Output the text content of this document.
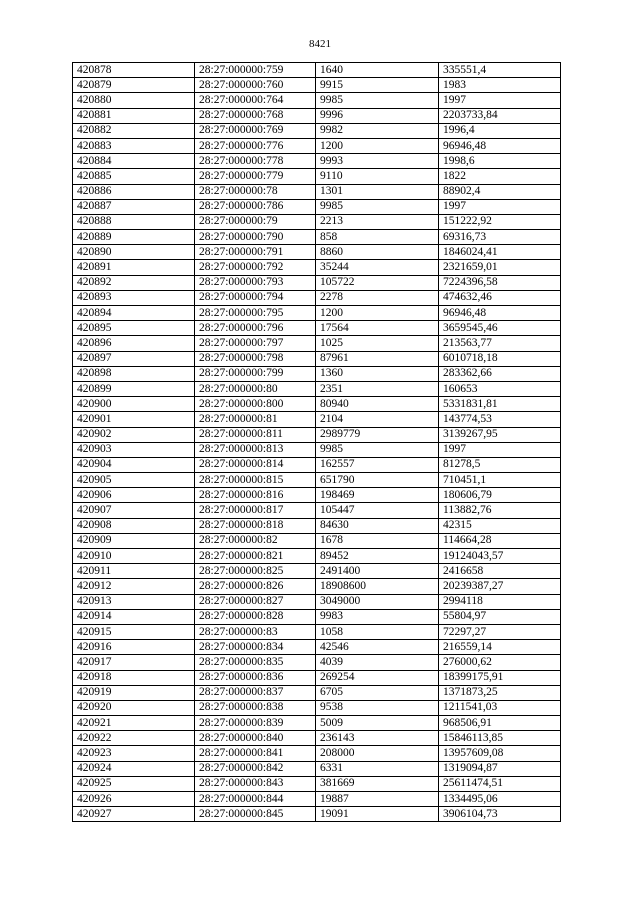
8421
420878	28:27:000000:759	1640	335551,4
420879	28:27:000000:760	9915	1983
420880	28:27:000000:764	9985	1997
420881	28:27:000000:768	9996	2203733,84
420882	28:27:000000:769	9982	1996,4
420883	28:27:000000:776	1200	96946,48
420884	28:27:000000:778	9993	1998,6
420885	28:27:000000:779	9110	1822
420886	28:27:000000:78	1301	88902,4
420887	28:27:000000:786	9985	1997
420888	28:27:000000:79	2213	151222,92
420889	28:27:000000:790	858	69316,73
420890	28:27:000000:791	8860	1846024,41
420891	28:27:000000:792	35244	2321659,01
420892	28:27:000000:793	105722	7224396,58
420893	28:27:000000:794	2278	474632,46
420894	28:27:000000:795	1200	96946,48
420895	28:27:000000:796	17564	3659545,46
420896	28:27:000000:797	1025	213563,77
420897	28:27:000000:798	87961	6010718,18
420898	28:27:000000:799	1360	283362,66
420899	28:27:000000:80	2351	160653
420900	28:27:000000:800	80940	5331831,81
420901	28:27:000000:81	2104	143774,53
420902	28:27:000000:811	2989779	3139267,95
420903	28:27:000000:813	9985	1997
420904	28:27:000000:814	162557	81278,5
420905	28:27:000000:815	651790	710451,1
420906	28:27:000000:816	198469	180606,79
420907	28:27:000000:817	105447	113882,76
420908	28:27:000000:818	84630	42315
420909	28:27:000000:82	1678	114664,28
420910	28:27:000000:821	89452	19124043,57
420911	28:27:000000:825	2491400	2416658
420912	28:27:000000:826	18908600	20239387,27
420913	28:27:000000:827	3049000	2994118
420914	28:27:000000:828	9983	55804,97
420915	28:27:000000:83	1058	72297,27
420916	28:27:000000:834	42546	216559,14
420917	28:27:000000:835	4039	276000,62
420918	28:27:000000:836	269254	18399175,91
420919	28:27:000000:837	6705	1371873,25
420920	28:27:000000:838	9538	1211541,03
420921	28:27:000000:839	5009	968506,91
420922	28:27:000000:840	236143	15846113,85
420923	28:27:000000:841	208000	13957609,08
420924	28:27:000000:842	6331	1319094,87
420925	28:27:000000:843	381669	25611474,51
420926	28:27:000000:844	19887	1334495,06
420927	28:27:000000:845	19091	3906104,73
